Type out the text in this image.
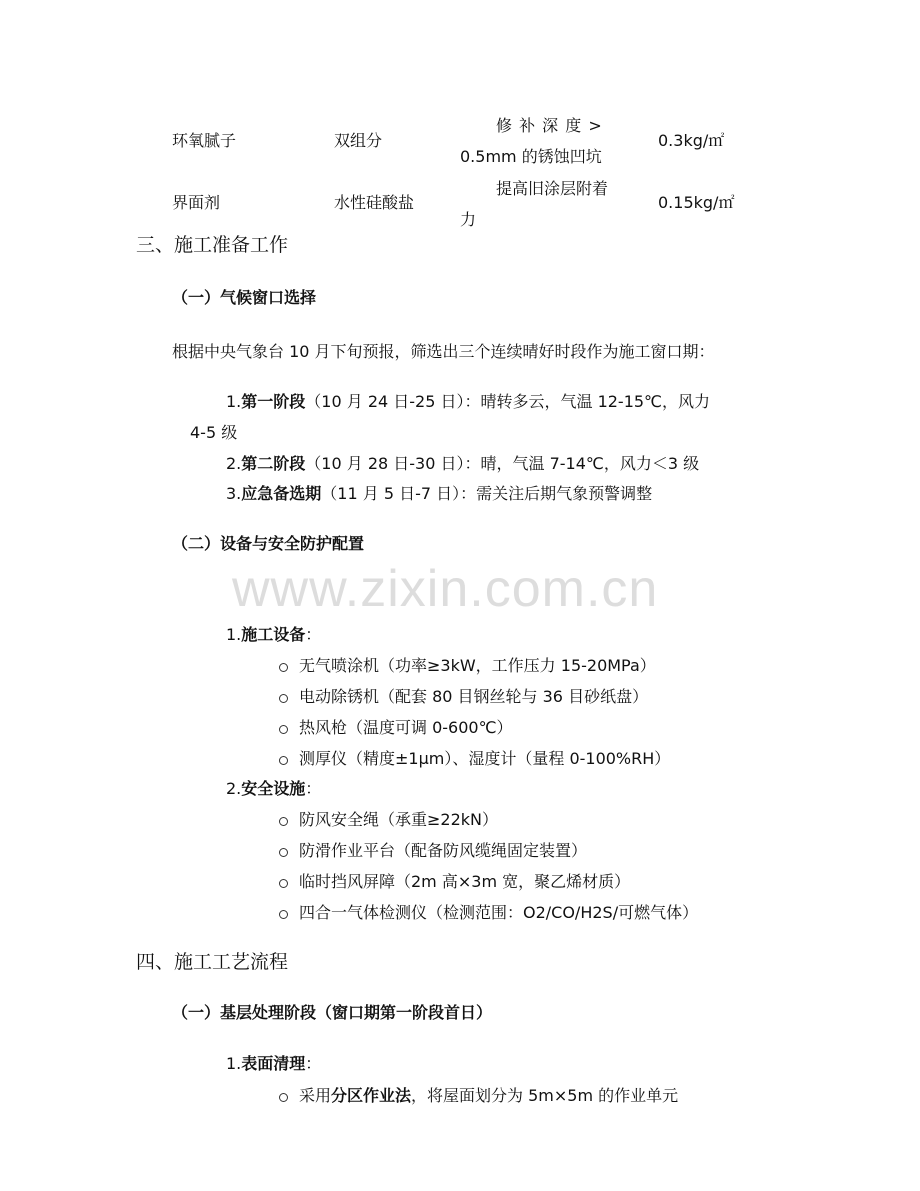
www.zixin.com.cn
环氧腻子	双组分
修 补 深 度 >
0.5mm 的锈蚀凹坑
0.3kg/㎡
界面剂	水性硅酸盐
提高旧涂层附着
力
0.15kg/㎡
三、施工准备工作
（一）气候窗口选择
根据中央气象台 10 月下旬预报，筛选出三个连续晴好时段作为施工窗口期：
1.第一阶段（10 月 24 日-25 日）：晴转多云，气温 12-15℃，风力
4-5 级
2.第二阶段（10 月 28 日-30 日）：晴，气温 7-14℃，风力＜3 级
3.应急备选期（11 月 5 日-7 日）：需关注后期气象预警调整
（二）设备与安全防护配置
1.施工设备：
无气喷涂机（功率≥3kW，工作压力 15-20MPa）
电动除锈机（配套 80 目钢丝轮与 36 目砂纸盘）
热风枪（温度可调 0-600℃）
测厚仪（精度±1μm）、湿度计（量程 0-100%RH）
2.安全设施：
防风安全绳（承重≥22kN）
防滑作业平台（配备防风缆绳固定装置）
临时挡风屏障（2m 高×3m 宽，聚乙烯材质）
四合一气体检测仪（检测范围：O2/CO/H2S/可燃气体）
四、施工工艺流程
（一）基层处理阶段（窗口期第一阶段首日）
1.表面清理：
采用分区作业法，将屋面划分为 5m×5m 的作业单元
